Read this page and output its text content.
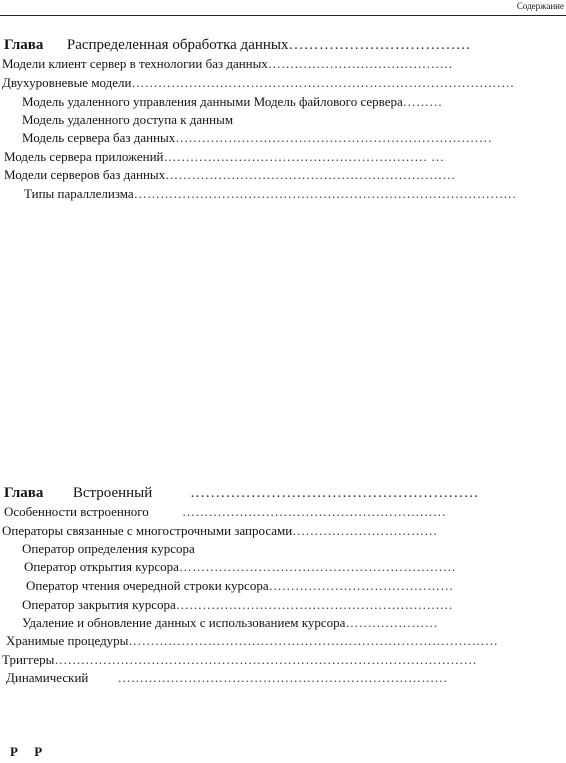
Содержание
Глава Распределенная обработка данных………………………………
Модели клиент сервер в технологии баз данных……………………………………
Двухуровневые модели……………………………………………………………………………
Модель удаленного управления данными Модель файлового сервера………
Модель удаленного доступа к данным
Модель сервера баз данных………………………………………………………………
Модель сервера приложений…………………………………………………… …
Модели серверов баз данных…………………………………………………………
Типы параллелизма……………………………………………………………………………
Глава Встроенный	…………………………………………………
Особенности встроенного	……………………………………………………
Операторы связанные с многострочными запросами……………………………
Оператор определения курсора
Оператор открытия курсора………………………………………………………
Оператор чтения очередной строки курсора……………………………………
Оператор закрытия курсора………………………………………………………
Удаление и обновление данных с использованием курсора…………………
Хранимые процедуры…………………………………………………………………………
Триггеры……………………………………………………………………………………
Динамический …………………………………………………………………
Р     Р
